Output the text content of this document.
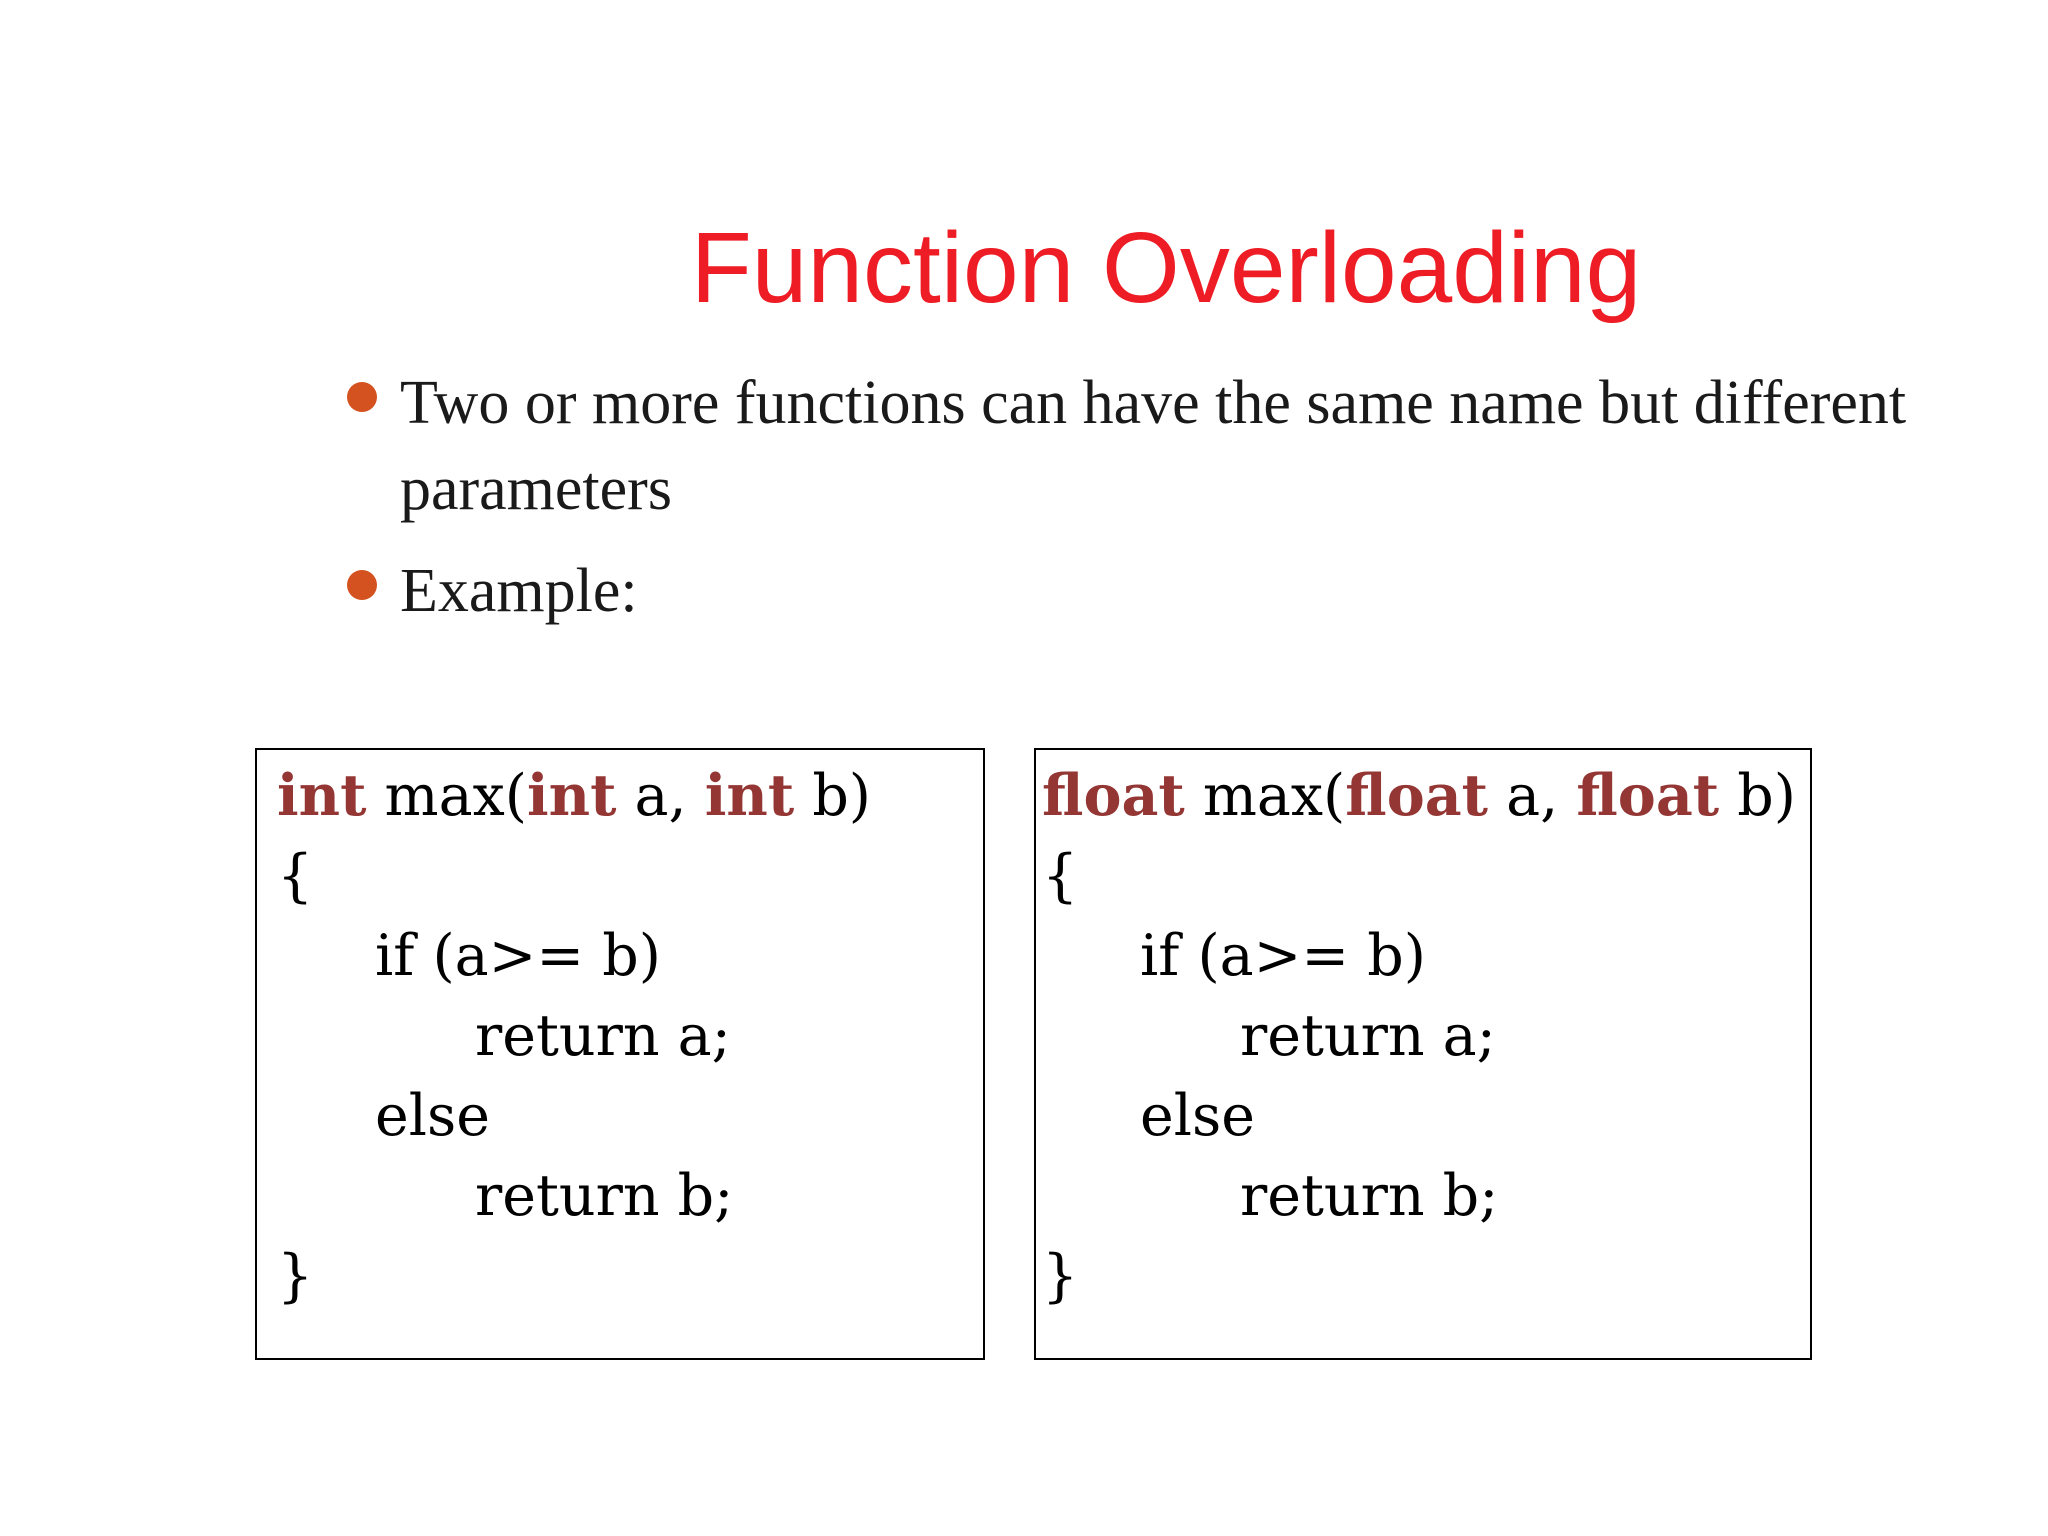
Function Overloading
Two or more functions can have the same name but different parameters
Example:
int max(int a, int b)
{
if (a>= b)
return a;
else
return b;
}
float max(float a, float b)
{
if (a>= b)
return a;
else
return b;
}
